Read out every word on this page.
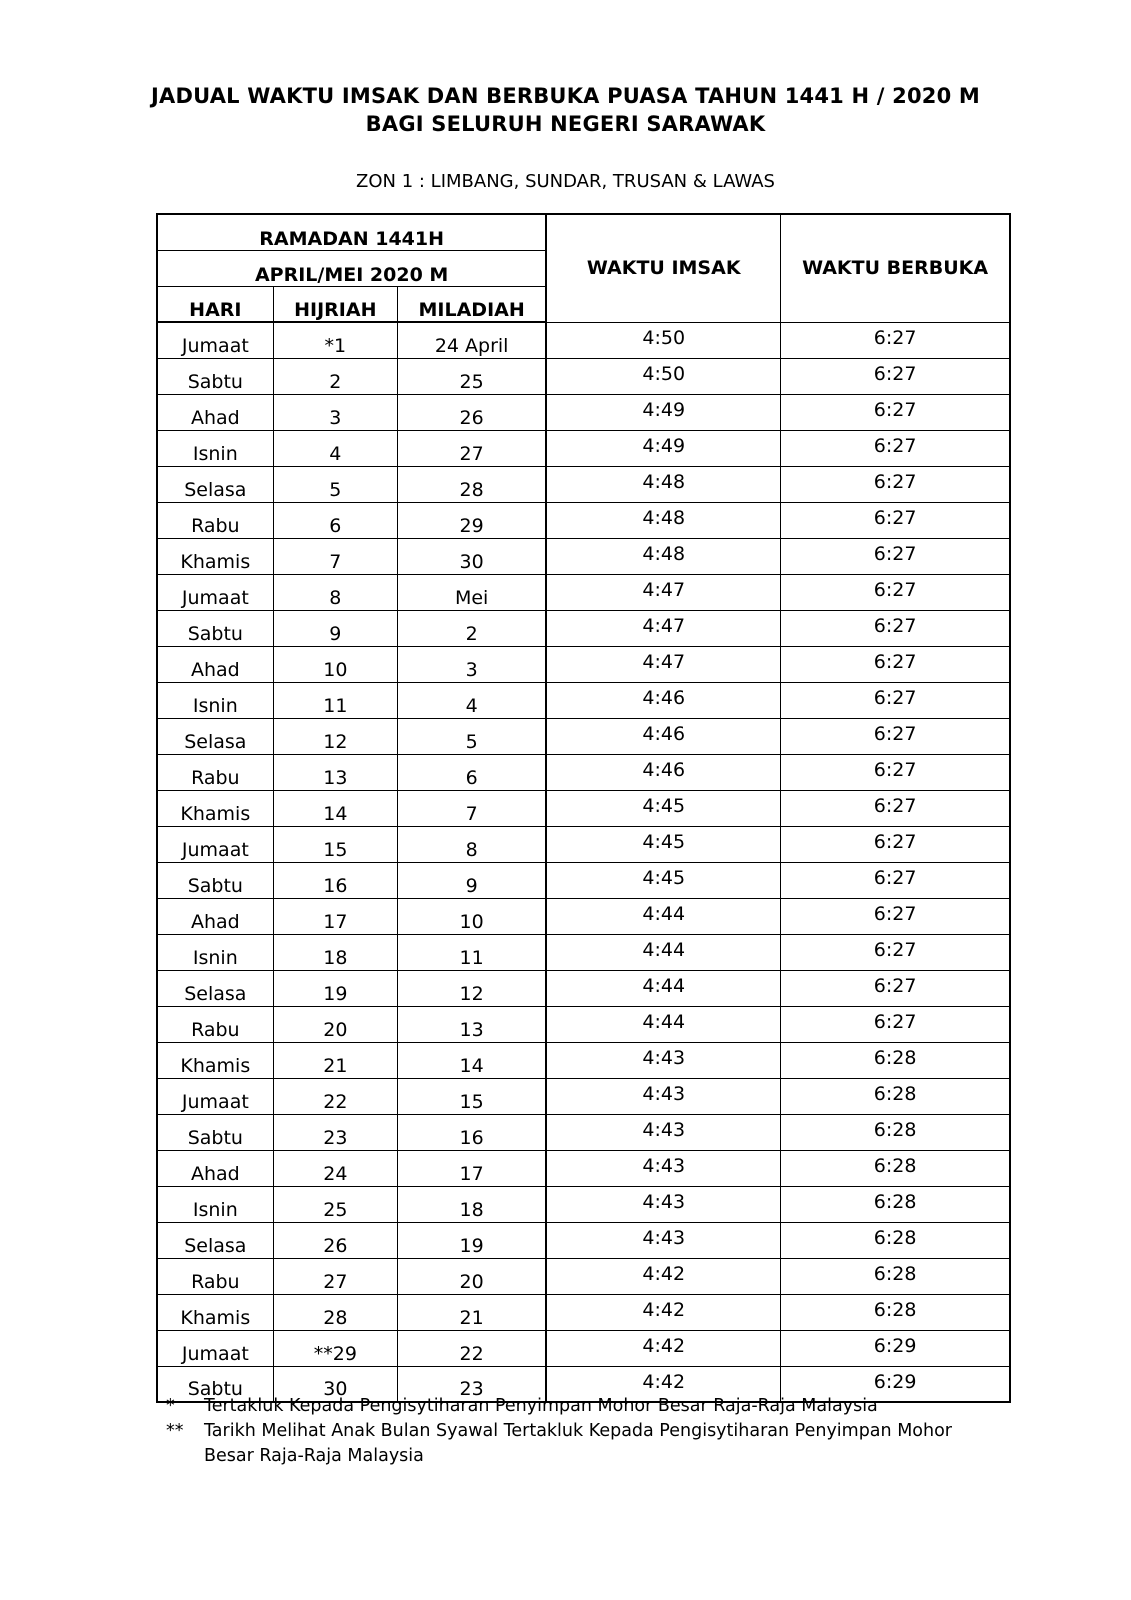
JADUAL WAKTU IMSAK DAN BERBUKA PUASA TAHUN 1441 H / 2020 M
BAGI SELURUH NEGERI SARAWAK
ZON 1 : LIMBANG, SUNDAR, TRUSAN & LAWAS
RAMADAN 1441H			WAKTU IMSAK	WAKTU BERBUKA
APRIL/MEI 2020 M				
HARI	HIJRIAH	MILADIAH		
Jumaat	*1	24 April	4:50	6:27
Sabtu	2	25	4:50	6:27
Ahad	3	26	4:49	6:27
Isnin	4	27	4:49	6:27
Selasa	5	28	4:48	6:27
Rabu	6	29	4:48	6:27
Khamis	7	30	4:48	6:27
Jumaat	8	Mei	4:47	6:27
Sabtu	9	2	4:47	6:27
Ahad	10	3	4:47	6:27
Isnin	11	4	4:46	6:27
Selasa	12	5	4:46	6:27
Rabu	13	6	4:46	6:27
Khamis	14	7	4:45	6:27
Jumaat	15	8	4:45	6:27
Sabtu	16	9	4:45	6:27
Ahad	17	10	4:44	6:27
Isnin	18	11	4:44	6:27
Selasa	19	12	4:44	6:27
Rabu	20	13	4:44	6:27
Khamis	21	14	4:43	6:28
Jumaat	22	15	4:43	6:28
Sabtu	23	16	4:43	6:28
Ahad	24	17	4:43	6:28
Isnin	25	18	4:43	6:28
Selasa	26	19	4:43	6:28
Rabu	27	20	4:42	6:28
Khamis	28	21	4:42	6:28
Jumaat	**29	22	4:42	6:29
Sabtu	30	23	4:42	6:29
*	Tertakluk Kepada Pengisytiharan Penyimpan Mohor Besar Raja-Raja Malaysia
**	Tarikh Melihat Anak Bulan Syawal Tertakluk Kepada Pengisytiharan Penyimpan Mohor Besar Raja-Raja Malaysia
